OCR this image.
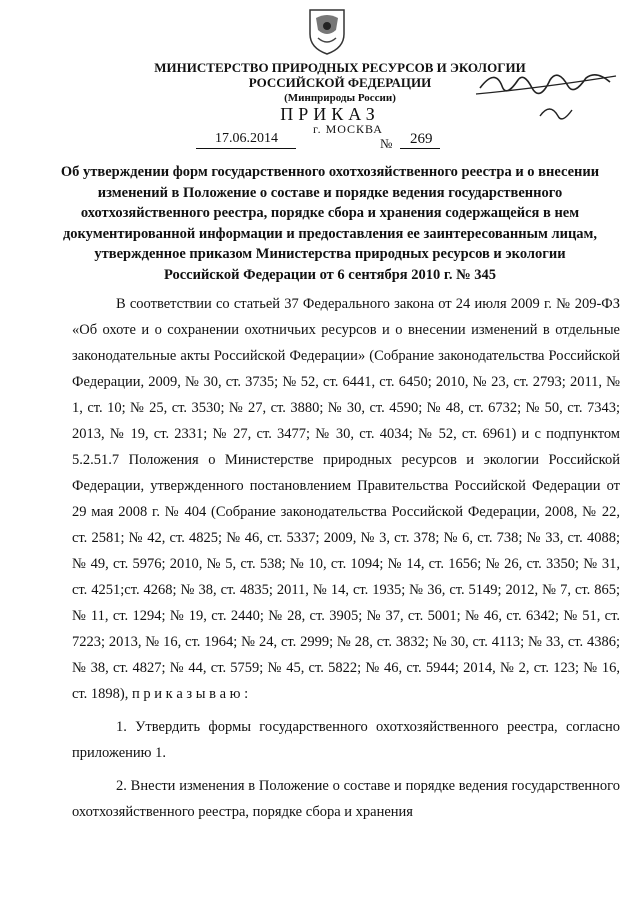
МИНИСТЕРСТВО ПРИРОДНЫХ РЕСУРСОВ И ЭКОЛОГИИ
РОССИЙСКОЙ ФЕДЕРАЦИИ
(Минприроды России)
ПРИКАЗ
г. МОСКВА
17.06.2014	№ 269
Об утверждении форм государственного охотхозяйственного реестра и о внесении изменений в Положение о составе и порядке ведения государственного охотхозяйственного реестра, порядке сбора и хранения содержащейся в нем документированной информации и предоставления ее заинтересованным лицам, утвержденное приказом Министерства природных ресурсов и экологии Российской Федерации от 6 сентября 2010 г. № 345

В соответствии со статьей 37 Федерального закона от 24 июля 2009 г. № 209-ФЗ «Об охоте и о сохранении охотничьих ресурсов и о внесении изменений в отдельные законодательные акты Российской Федерации» (Собрание законодательства Российской Федерации, 2009, № 30, ст. 3735; № 52, ст. 6441, ст. 6450; 2010, № 23, ст. 2793; 2011, № 1, ст. 10; № 25, ст. 3530; № 27, ст. 3880; № 30, ст. 4590; № 48, ст. 6732; № 50, ст. 7343; 2013, № 19, ст. 2331; № 27, ст. 3477; № 30, ст. 4034; № 52, ст. 6961) и с подпунктом 5.2.51.7 Положения о Министерстве природных ресурсов и экологии Российской Федерации, утвержденного постановлением Правительства Российской Федерации от 29 мая 2008 г. № 404 (Собрание законодательства Российской Федерации, 2008, № 22, ст. 2581; № 42, ст. 4825; № 46, ст. 5337; 2009, № 3, ст. 378; № 6, ст. 738; № 33, ст. 4088; № 49, ст. 5976; 2010, № 5, ст. 538; № 10, ст. 1094; № 14, ст. 1656; № 26, ст. 3350; № 31, ст. 4251;ст. 4268; № 38, ст. 4835; 2011, № 14, ст. 1935; № 36, ст. 5149; 2012, № 7, ст. 865; № 11, ст. 1294; № 19, ст. 2440; № 28, ст. 3905; № 37, ст. 5001; № 46, ст. 6342; № 51, ст. 7223; 2013, № 16, ст. 1964; № 24, ст. 2999; № 28, ст. 3832; № 30, ст. 4113; № 33, ст. 4386; № 38, ст. 4827; № 44, ст. 5759; № 45, ст. 5822; № 46, ст. 5944; 2014, № 2, ст. 123; № 16, ст. 1898), п р и к а з ы в а ю :

1. Утвердить формы государственного охотхозяйственного реестра, согласно приложению 1.

2. Внести изменения в Положение о составе и порядке ведения государственного охотхозяйственного реестра, порядке сбора и хранения
